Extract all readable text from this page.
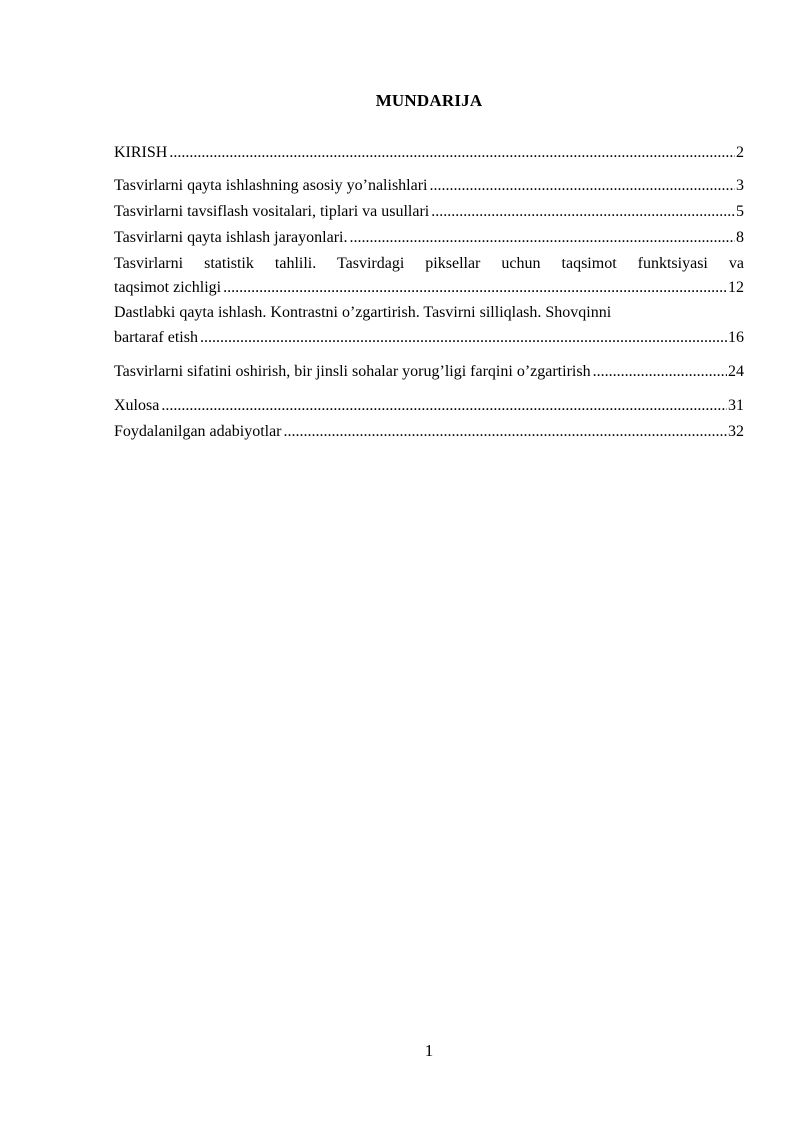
MUNDARIJA
KIRISH .....	2
Tasvirlarni qayta ishlashning asosiy yo’nalishlari .....	3
Tasvirlarni tavsiflash vositalari, tiplari va usullari .....	5
Tasvirlarni qayta ishlash jarayonlari. .....	8
Tasvirlarni statistik tahlili. Tasvirdagi piksellar uchun taqsimot funktsiyasi va
taqsimot zichligi .....	12
Dastlabki qayta ishlash. Kontrastni o’zgartirish. Tasvirni silliqlash. Shovqinni
bartaraf etish .....	16
Tasvirlarni sifatini oshirish, bir jinsli sohalar yorug’ligi farqini o’zgartirish .....	24
Xulosa .....	31
Foydalanilgan adabiyotlar .....	32
1
